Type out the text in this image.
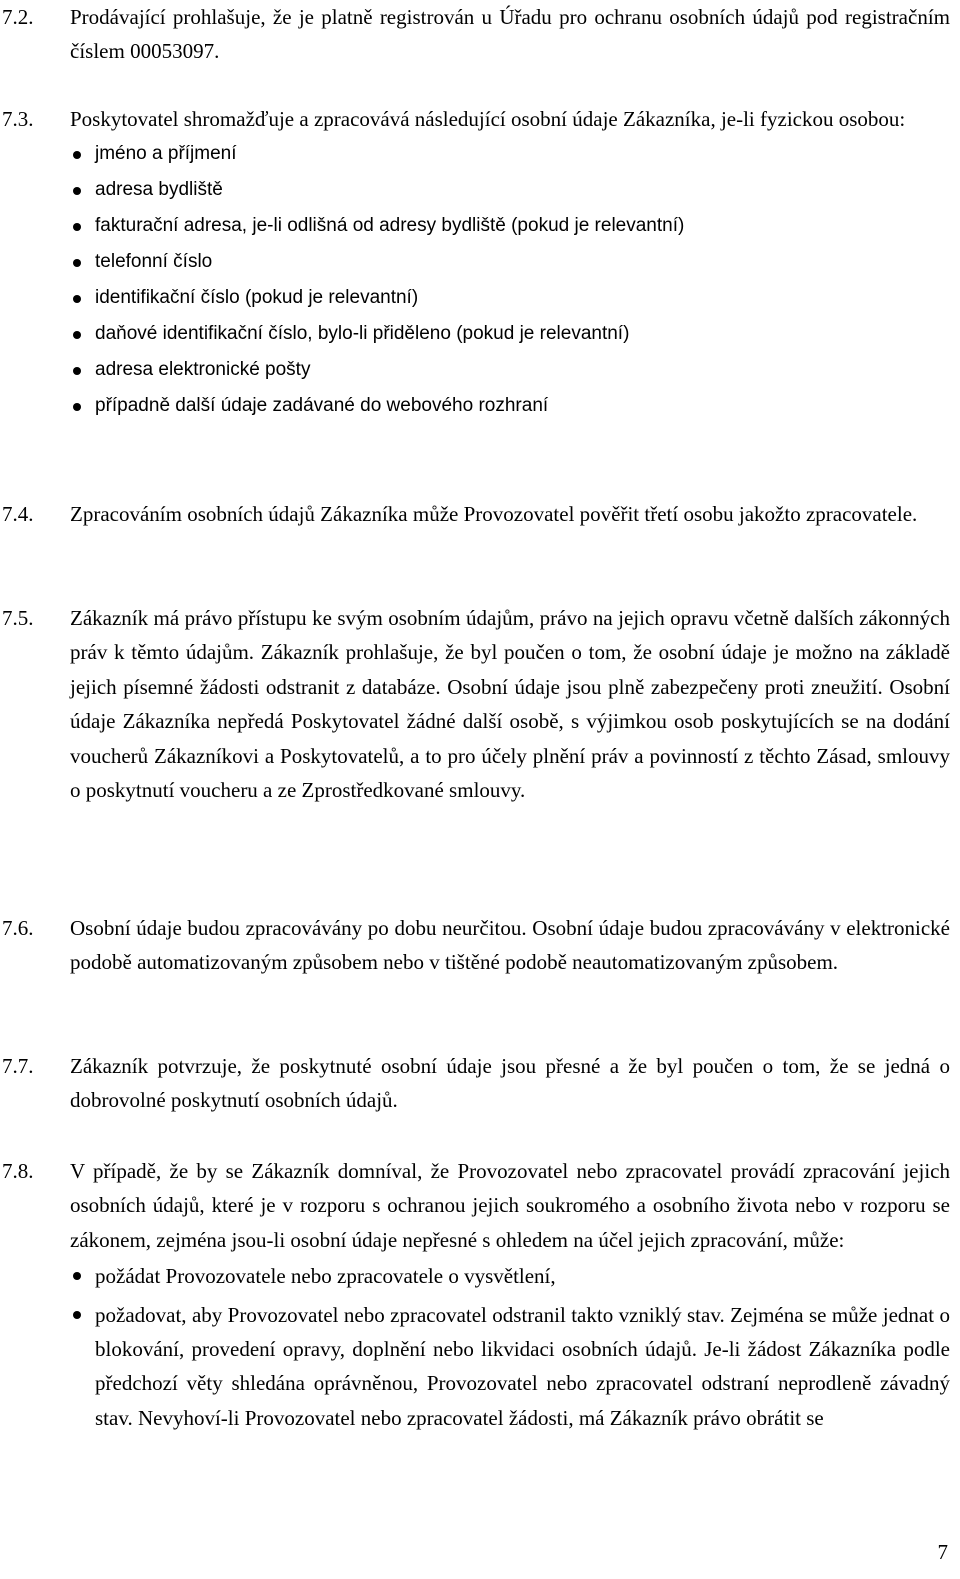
7.2. Prodávající prohlašuje, že je platně registrován u Úřadu pro ochranu osobních údajů pod registračním číslem 00053097.

7.3. Poskytovatel shromažďuje a zpracovává následující osobní údaje Zákazníka, je-li fyzickou osobou:

jméno a příjmení
adresa bydliště
fakturační adresa, je-li odlišná od adresy bydliště (pokud je relevantní)
telefonní číslo
identifikační číslo (pokud je relevantní)
daňové identifikační číslo, bylo-li přiděleno (pokud je relevantní)
adresa elektronické pošty
případně další údaje zadávané do webového rozhraní
7.4. Zpracováním osobních údajů Zákazníka může Provozovatel pověřit třetí osobu jakožto zpracovatele.

7.5. Zákazník má právo přístupu ke svým osobním údajům, právo na jejich opravu včetně dalších zákonných práv k těmto údajům. Zákazník prohlašuje, že byl poučen o tom, že osobní údaje je možno na základě jejich písemné žádosti odstranit z databáze. Osobní údaje jsou plně zabezpečeny proti zneužití. Osobní údaje Zákazníka nepředá Poskytovatel žádné další osobě, s výjimkou osob poskytujících se na dodání voucherů Zákazníkovi a Poskytovatelů, a to pro účely plnění práv a povinností z těchto Zásad, smlouvy o poskytnutí voucheru a ze Zprostředkované smlouvy.

7.6. Osobní údaje budou zpracovávány po dobu neurčitou. Osobní údaje budou zpracovávány v elektronické podobě automatizovaným způsobem nebo v tištěné podobě neautomatizovaným způsobem.

7.7. Zákazník potvrzuje, že poskytnuté osobní údaje jsou přesné a že byl poučen o tom, že se jedná o dobrovolné poskytnutí osobních údajů.

7.8. V případě, že by se Zákazník domníval, že Provozovatel nebo zpracovatel provádí zpracování jejich osobních údajů, které je v rozporu s ochranou jejich soukromého a osobního života nebo v rozporu se zákonem, zejména jsou-li osobní údaje nepřesné s ohledem na účel jejich zpracování, může:

požádat Provozovatele nebo zpracovatele o vysvětlení,
požadovat, aby Provozovatel nebo zpracovatel odstranil takto vzniklý stav. Zejména se může jednat o blokování, provedení opravy, doplnění nebo likvidaci osobních údajů. Je-li žádost Zákazníka podle předchozí věty shledána oprávněnou, Provozovatel nebo zpracovatel odstraní neprodleně závadný stav. Nevyhoví-li Provozovatel nebo zpracovatel žádosti, má Zákazník právo obrátit se
7
